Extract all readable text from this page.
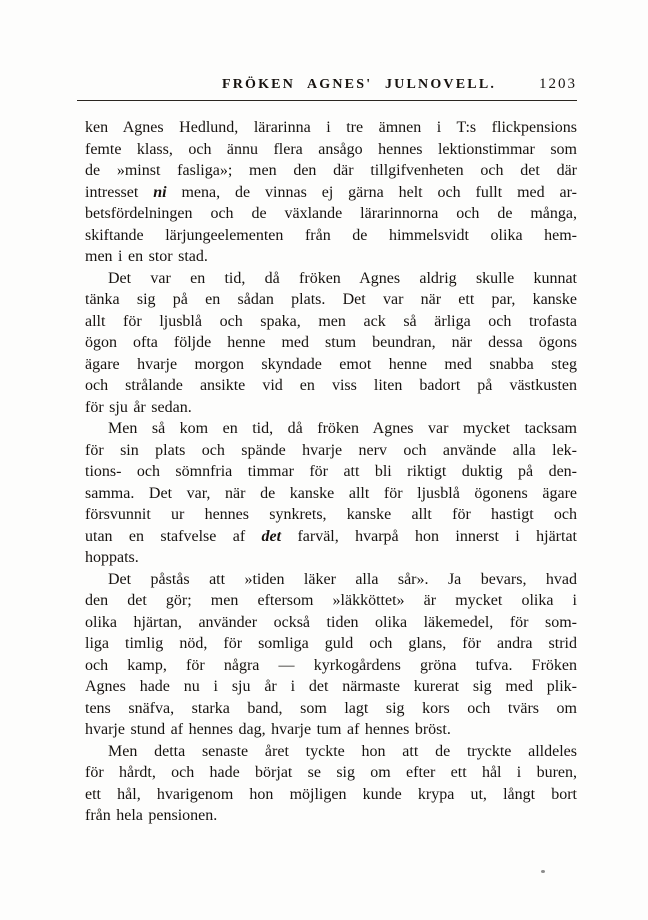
FRÖKEN AGNES' JULNOVELL.	1203

ken Agnes Hedlund, lärarinna i tre ämnen i T:s flickpensions
femte klass, och ännu flera ansågo hennes lektionstimmar som
de »minst fasliga»; men den där tillgifvenheten och det där
intresset ni mena, de vinnas ej gärna helt och fullt med ar-
betsfördelningen och de växlande lärarinnorna och de många,
skiftande lärjungeelementen från de himmelsvidt olika hem-
men i en stor stad.

Det var en tid, då fröken Agnes aldrig skulle kunnat
tänka sig på en sådan plats. Det var när ett par, kanske
allt för ljusblå och spaka, men ack så ärliga och trofasta
ögon ofta följde henne med stum beundran, när dessa ögons
ägare hvarje morgon skyndade emot henne med snabba steg
och strålande ansikte vid en viss liten badort på västkusten
för sju år sedan.

Men så kom en tid, då fröken Agnes var mycket tacksam
för sin plats och spände hvarje nerv och använde alla lek-
tions- och sömnfria timmar för att bli riktigt duktig på den-
samma. Det var, när de kanske allt för ljusblå ögonens ägare
försvunnit ur hennes synkrets, kanske allt för hastigt och
utan en stafvelse af det farväl, hvarpå hon innerst i hjärtat
hoppats.

Det påstås att »tiden läker alla sår». Ja bevars, hvad
den det gör; men eftersom »läkköttet» är mycket olika i
olika hjärtan, använder också tiden olika läkemedel, för som-
liga timlig nöd, för somliga guld och glans, för andra strid
och kamp, för några — kyrkogårdens gröna tufva. Fröken
Agnes hade nu i sju år i det närmaste kurerat sig med plik-
tens snäfva, starka band, som lagt sig kors och tvärs om
hvarje stund af hennes dag, hvarje tum af hennes bröst.

Men detta senaste året tyckte hon att de tryckte alldeles
för hårdt, och hade börjat se sig om efter ett hål i buren,
ett hål, hvarigenom hon möjligen kunde krypa ut, långt bort
från hela pensionen.
